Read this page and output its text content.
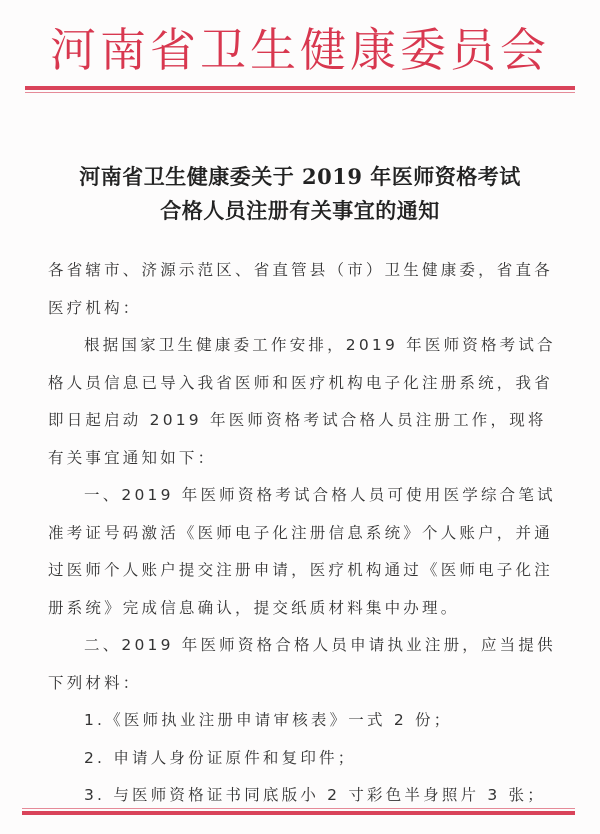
河南省卫生健康委员会
河南省卫生健康委关于 2019 年医师资格考试
合格人员注册有关事宜的通知

各省辖市、济源示范区、省直管县（市）卫生健康委，省直各医疗机构：

根据国家卫生健康委工作安排，2019 年医师资格考试合格人员信息已导入我省医师和医疗机构电子化注册系统，我省即日起启动 2019 年医师资格考试合格人员注册工作，现将有关事宜通知如下：

一、2019 年医师资格考试合格人员可使用医学综合笔试准考证号码激活《医师电子化注册信息系统》个人账户，并通过医师个人账户提交注册申请，医疗机构通过《医师电子化注册系统》完成信息确认，提交纸质材料集中办理。

二、2019 年医师资格合格人员申请执业注册，应当提供下列材料：

1.《医师执业注册申请审核表》一式 2 份；

2. 申请人身份证原件和复印件；

3. 与医师资格证书同底版小 2 寸彩色半身照片 3 张；
